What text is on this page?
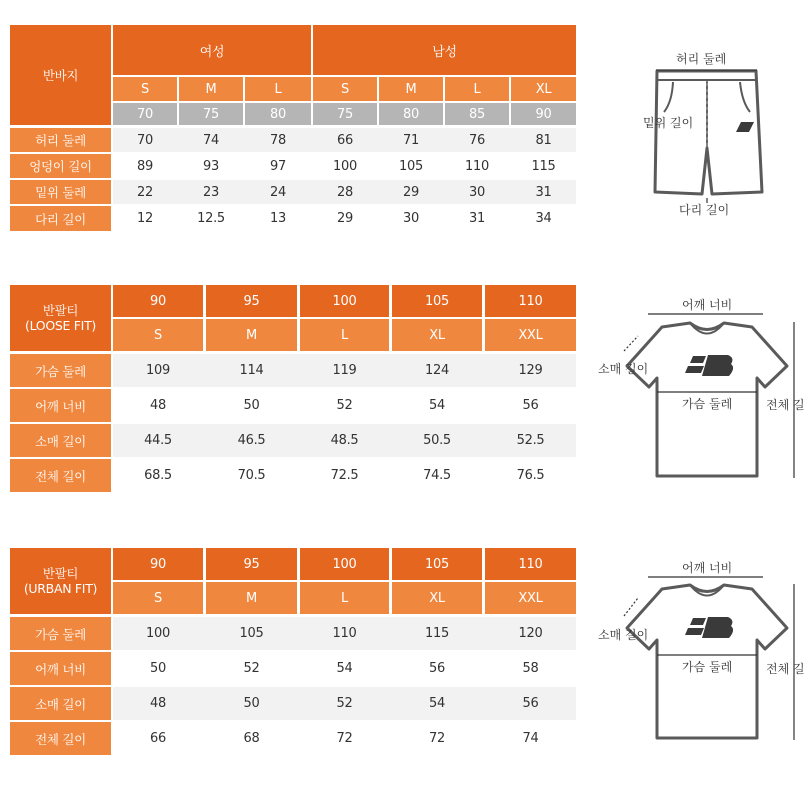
반바지
여성	남성
S	M	L	S	M	L	XL
70	75	80	75	80	85	90
허리 둘레	70	74	78	66	71	76	81
엉덩이 길이	89	93	97	100	105	110	115
밑위 둘레	22	23	24	28	29	30	31
다리 길이	12	12.5	13	29	30	31	34
허리 둘레
밑위 길이
다리 길이
반팔티
(LOOSE FIT)
90	95	100	105	110
S	M	L	XL	XXL
가슴 둘레	109	114	119	124	129
어깨 너비	48	50	52	54	56
소매 길이	44.5	46.5	48.5	50.5	52.5
전체 길이	68.5	70.5	72.5	74.5	76.5
어깨 너비
소매 길이
가슴 둘레	전체 길
반팔티
(URBAN FIT)
90	95	100	105	110
S	M	L	XL	XXL
가슴 둘레	100	105	110	115	120
어깨 너비	50	52	54	56	58
소매 길이	48	50	52	54	56
전체 길이	66	68	72	72	74
어깨 너비
소매 길이
가슴 둘레	전체 길
